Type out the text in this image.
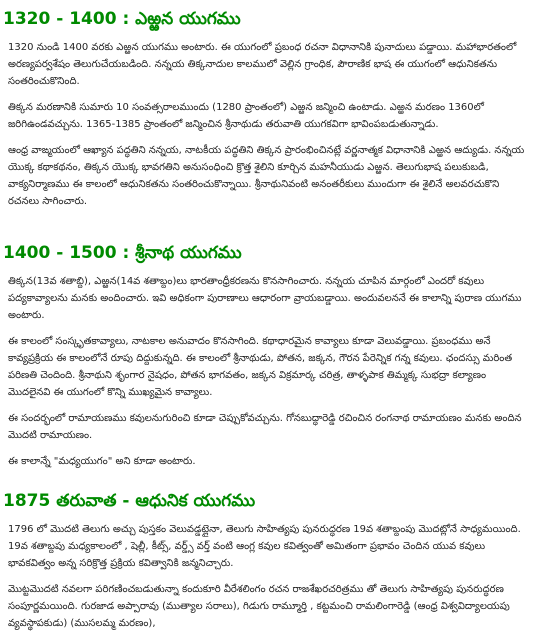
1320 - 1400 : ఎఱ్ఱన యుగము

1320 నుండి 1400 వరకు ఎఱ్ఱన యుగము అంటారు. ఈ యుగంలో ప్రబంధ రచనా విధానానికి పునాదులు పడ్డాయి. మహాభారతంలో అరణ్యపర్వశేషం తెలుగుచేయబడింది. నన్నయ తిక్కనాదుల కాలములో వెల్లిన గ్రాంధిక, పౌరాణిక భాష ఈ యుగంలో ఆధునికతను సంతరించుకొనింది.

తిక్కన మరణానికి సుమారు 10 సంవత్సరాలముందు (1280 ప్రాంతంలో) ఎఱ్ఱన జన్మించి ఉంటాడు. ఎఱ్ఱన మరణం 1360లో జరిగిఉండవచ్చును. 1365-1385 ప్రాంతంలో జన్మించిన శ్రీనాథుడు తరువాతి యుగకవిగా భావింపబడుతున్నాడు.

ఆంధ్ర వాఙ్మయంలో ఆఖ్యాన పద్ధతిని నన్నయ, నాటకీయ పద్ధతిని తిక్కన ప్రారంభించినట్లే వర్ణనాత్మక విధానానికి ఎఱ్ఱన ఆద్యుడు. నన్నయ యొక్క కథాకథనం, తిక్కన యొక్క భావగతిని అనుసంధించి క్రొత్త శైలిని కూర్చిన మహనీయుడు ఎఱ్ఱన. తెలుగుభాష పలుకుబడి, వాక్యనిర్మాణము ఈ కాలంలో ఆధునికతను సంతరించుకొన్నాయి. శ్రీనాథునివంటి అనంతరీకులు ముందుగా ఈ శైలినే అలవరచుకొని రచనలు సాగించారు.

1400 - 1500 : శ్రీనాథ యుగము

తిక్కన(13వ శతాబ్ది), ఎఱ్ఱన(14వ శతాబ్దం)లు భారతాంధ్రీకరణను కొనసాగించారు. నన్నయ చూపిన మార్గంలో ఎందరో కవులు పద్యకావ్యాలను మనకు అందించారు. ఇవి అధికంగా పురాణాలు ఆధారంగా వ్రాయబడ్డాయి. అందువలననే ఈ కాలాన్ని పురాణ యుగము అంటారు.

ఈ కాలంలో సంస్కృతకావ్యాలు, నాటకాల అనువాదం కొనసాగింది. కథాధారమైన కావ్యాలు కూడా వెలువడ్డాయి. ప్రబంధము అనే కావ్యప్రక్రియ ఈ కాలంలోనే రూపు దిద్దుకున్నది. ఈ కాలంలో శ్రీనాథుడు, పోతన, జక్కన, గౌరన పేరెన్నిక గన్న కవులు. ఛందస్సు మరింత పరిణతి చెందింది. శ్రీనాథుని శృంగార నైషధం, పోతన భాగవతం, జక్కన విక్రమార్క చరిత్ర, తాళ్ళపాక తిమ్మక్క సుభద్రా కల్యాణం మొదలైనవి ఈ యుగంలో కొన్ని ముఖ్యమైన కావ్యాలు.

ఈ సందర్భంలో రామాయణము కవులనుగురించి కూడా చెప్పుకోవచ్చును. గోనబుద్ధారెడ్డి రచించిన రంగనాథ రామాయణం మనకు అందిన మొదటి రామాయణం.

ఈ కాలాన్నే "మధ్యయుగం" అని కూడా అంటారు.

1875 తరువాత - ఆధునిక యుగము

1796 లో మొదటి తెలుగు అచ్చు పుస్తకం వెలువడ్డట్లైనా, తెలుగు సాహిత్యపు పునరుద్ధరణ 19వ శతాబ్దంపు మొదట్లోనే సాధ్యమయింది. 19వ శతాబ్దపు మధ్యకాలంలో , షెల్లీ, కీట్స్, వర్డ్స్ వర్త్ వంటి ఆంగ్ల కవుల కవిత్వంతో అమితంగా ప్రభావం చెందిన యువ కవులు భావకవిత్వం అన్న సరిక్రొత్త ప్రక్రియ కవిత్వానికి జన్మనిచ్చారు.

మొట్టమొదటి నవలగా పరిగణించబడుతున్నా కందుకూరి వీరేశలింగం రచన రాజశేఖరచరిత్రము తో తెలుగు సాహిత్యపు పునరుద్ధరణ సంపూర్ణమయింది. గురజాడ అప్పారావు (ముత్యాల సరాలు), గిడుగు రామ్మూర్తి , కట్టమంచి రామలింగారెడ్డి (ఆంధ్ర విశ్వవిద్యాలయపు వ్యవస్థాపకుడు) (ముసలమ్మ మరణం),
